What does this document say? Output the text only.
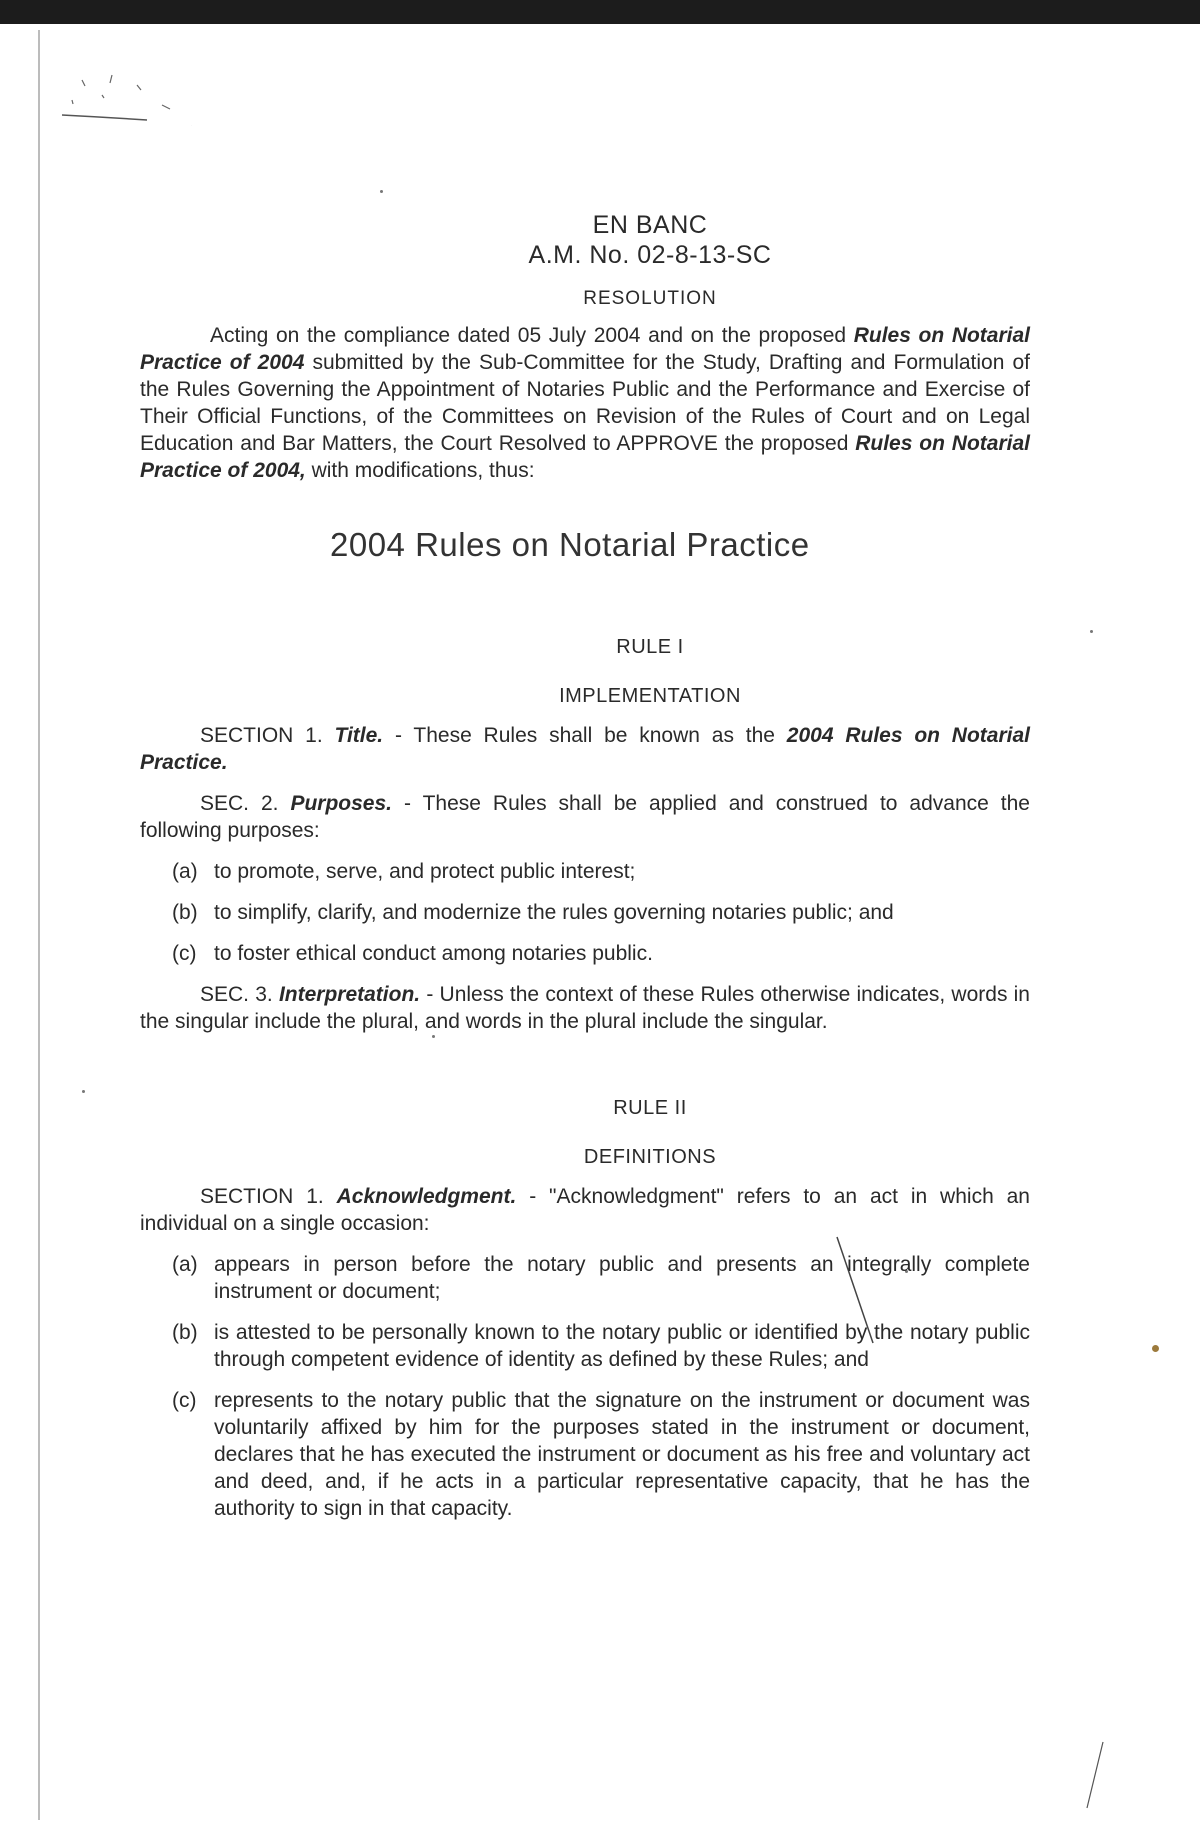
EN BANC
A.M. No. 02-8-13-SC
RESOLUTION

Acting on the compliance dated 05 July 2004 and on the proposed Rules on Notarial Practice of 2004 submitted by the Sub-Committee for the Study, Drafting and Formulation of the Rules Governing the Appointment of Notaries Public and the Performance and Exercise of Their Official Functions, of the Committees on Revision of the Rules of Court and on Legal Education and Bar Matters, the Court Resolved to APPROVE the proposed Rules on Notarial Practice of 2004, with modifications, thus:

2004 Rules on Notarial Practice
RULE I
IMPLEMENTATION

SECTION 1. Title. - These Rules shall be known as the 2004 Rules on Notarial Practice.

SEC. 2. Purposes. - These Rules shall be applied and construed to advance the following purposes:

(a) to promote, serve, and protect public interest;
(b) to simplify, clarify, and modernize the rules governing notaries public; and
(c) to foster ethical conduct among notaries public.

SEC. 3. Interpretation. - Unless the context of these Rules otherwise indicates, words in the singular include the plural, and words in the plural include the singular.

RULE II
DEFINITIONS

SECTION 1. Acknowledgment. - "Acknowledgment" refers to an act in which an individual on a single occasion:

(a) appears in person before the notary public and presents an integrally complete instrument or document;
(b) is attested to be personally known to the notary public or identified by the notary public through competent evidence of identity as defined by these Rules; and
(c) represents to the notary public that the signature on the instrument or document was voluntarily affixed by him for the purposes stated in the instrument or document, declares that he has executed the instrument or document as his free and voluntary act and deed, and, if he acts in a particular representative capacity, that he has the authority to sign in that capacity.
